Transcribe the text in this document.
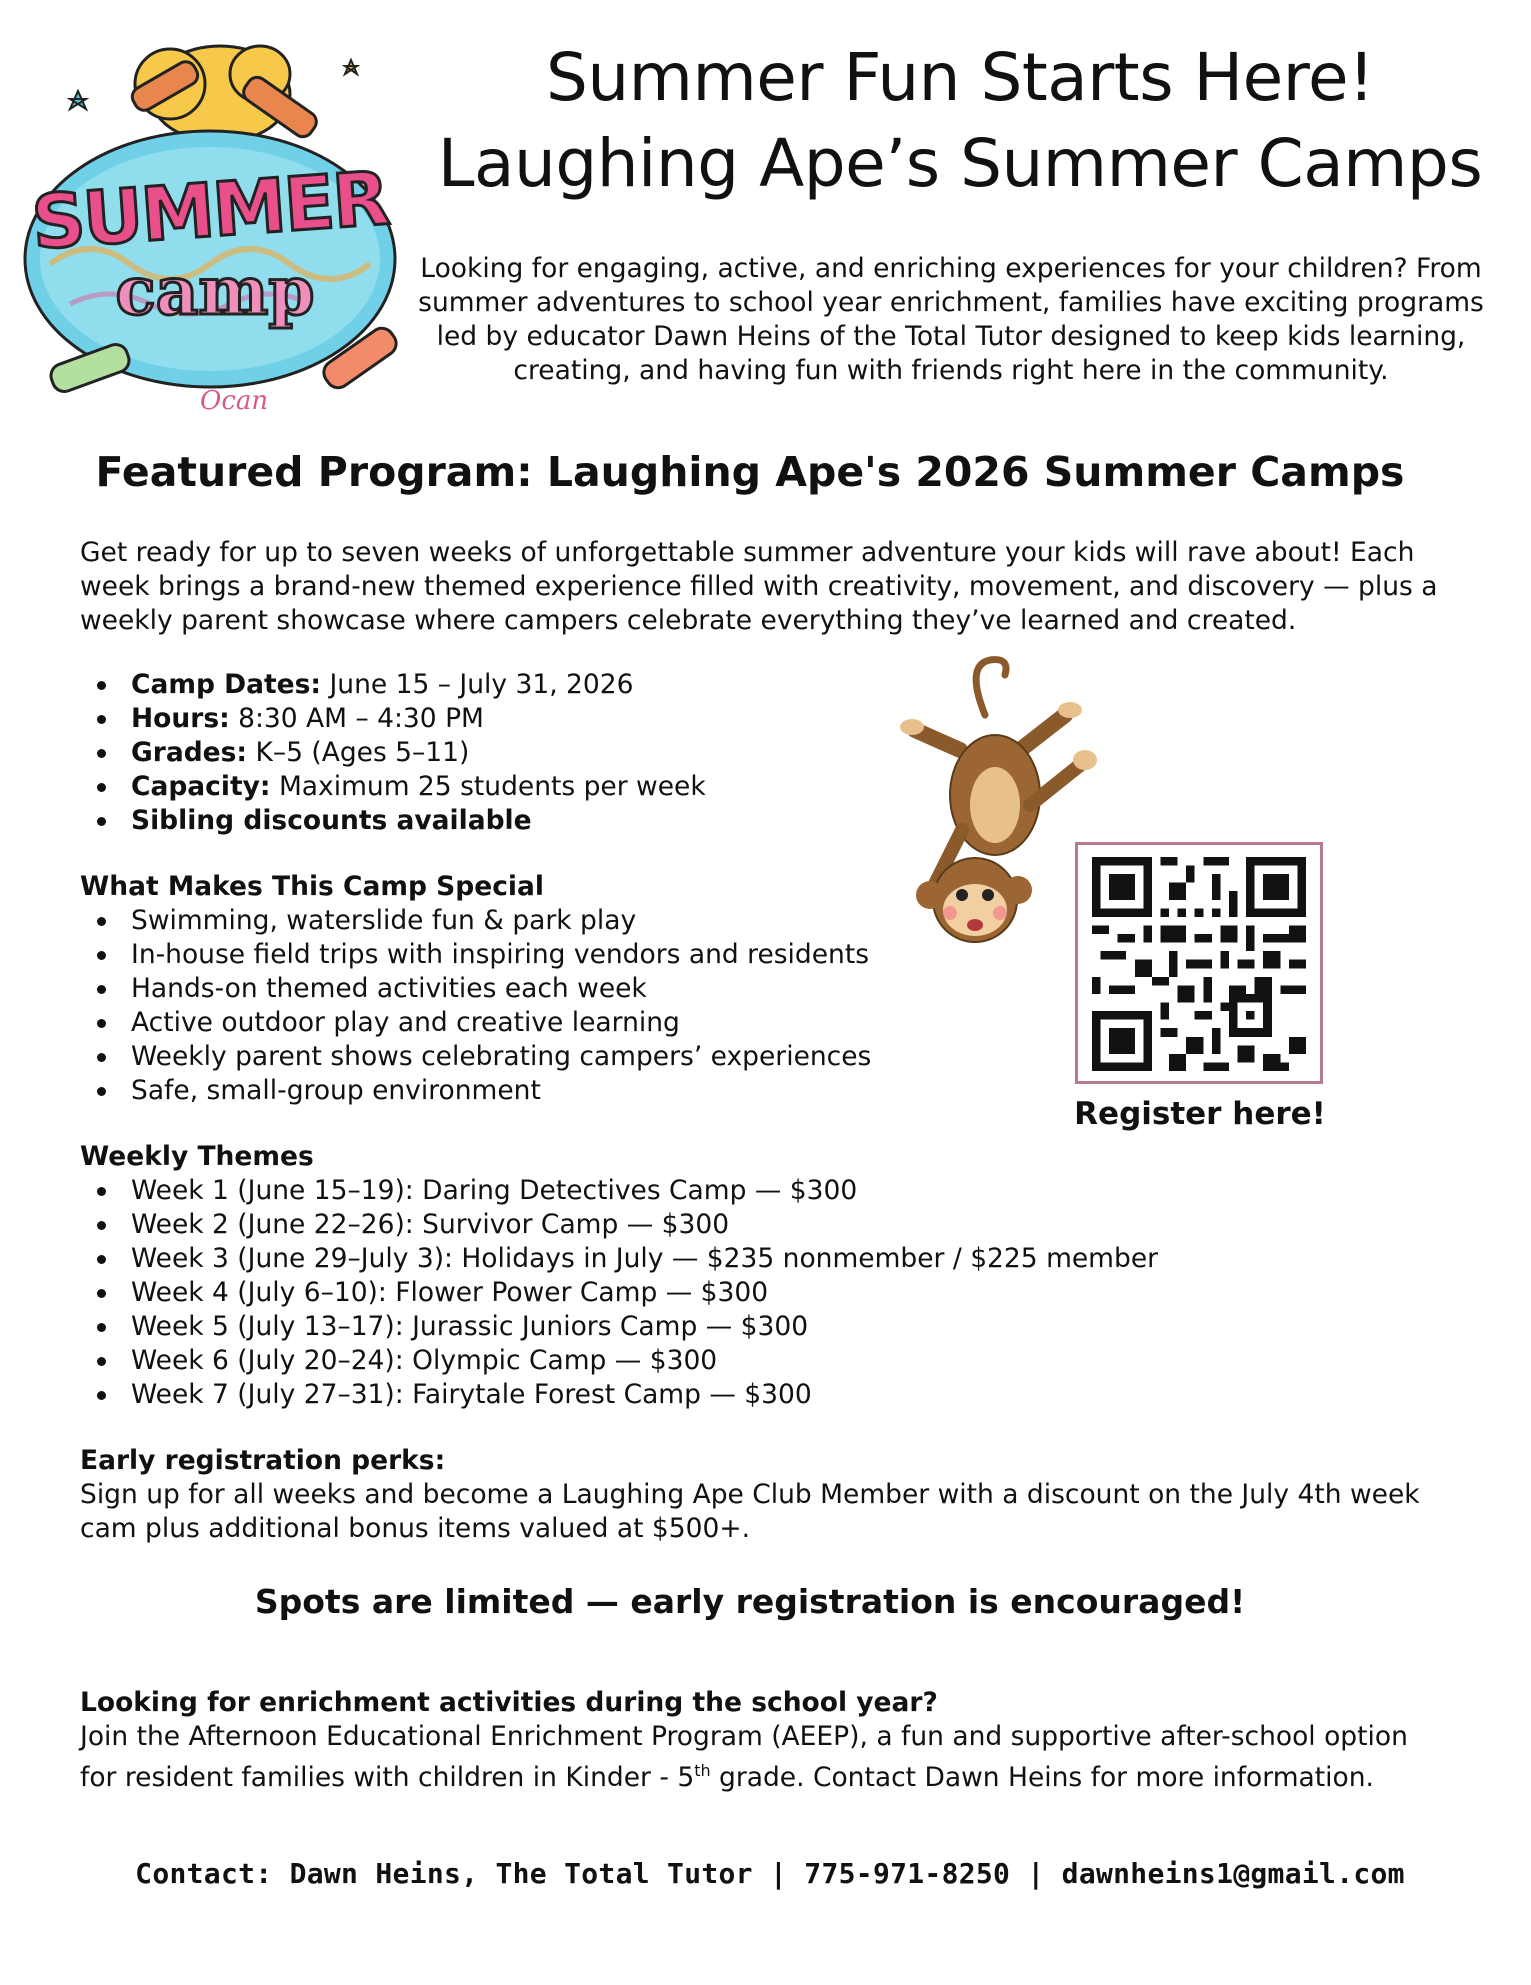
SUMMER
camp
Ocan
Summer Fun Starts Here!
Laughing Ape’s Summer Camps

Looking for engaging, active, and enriching experiences for your children? From summer adventures to school year enrichment, families have exciting programs led by educator Dawn Heins of the Total Tutor designed to keep kids learning, creating, and having fun with friends right here in the community.

Featured Program: Laughing Ape's 2026 Summer Camps

Get ready for up to seven weeks of unforgettable summer adventure your kids will rave about! Each week brings a brand-new themed experience filled with creativity, movement, and discovery — plus a weekly parent showcase where campers celebrate everything they’ve learned and created.

Camp Dates: June 15 – July 31, 2026
Hours: 8:30 AM – 4:30 PM
Grades: K–5 (Ages 5–11)
Capacity: Maximum 25 students per week
Sibling discounts available

Register here!

What Makes This Camp Special

Swimming, waterslide fun & park play
In-house field trips with inspiring vendors and residents
Hands-on themed activities each week
Active outdoor play and creative learning
Weekly parent shows celebrating campers’ experiences
Safe, small-group environment

Weekly Themes

Week 1 (June 15–19): Daring Detectives Camp — $300
Week 2 (June 22–26): Survivor Camp — $300
Week 3 (June 29–July 3): Holidays in July — $235 nonmember / $225 member
Week 4 (July 6–10): Flower Power Camp — $300
Week 5 (July 13–17): Jurassic Juniors Camp — $300
Week 6 (July 20–24): Olympic Camp — $300
Week 7 (July 27–31): Fairytale Forest Camp — $300

Early registration perks:

Sign up for all weeks and become a Laughing Ape Club Member with a discount on the July 4th week cam plus additional bonus items valued at $500+.

Spots are limited — early registration is encouraged!

Looking for enrichment activities during the school year?

Join the Afternoon Educational Enrichment Program (AEEP), a fun and supportive after-school option for resident families with children in Kinder - 5th grade. Contact Dawn Heins for more information.

Contact: Dawn Heins, The Total Tutor | 775-971-8250 | dawnheins1@gmail.com
